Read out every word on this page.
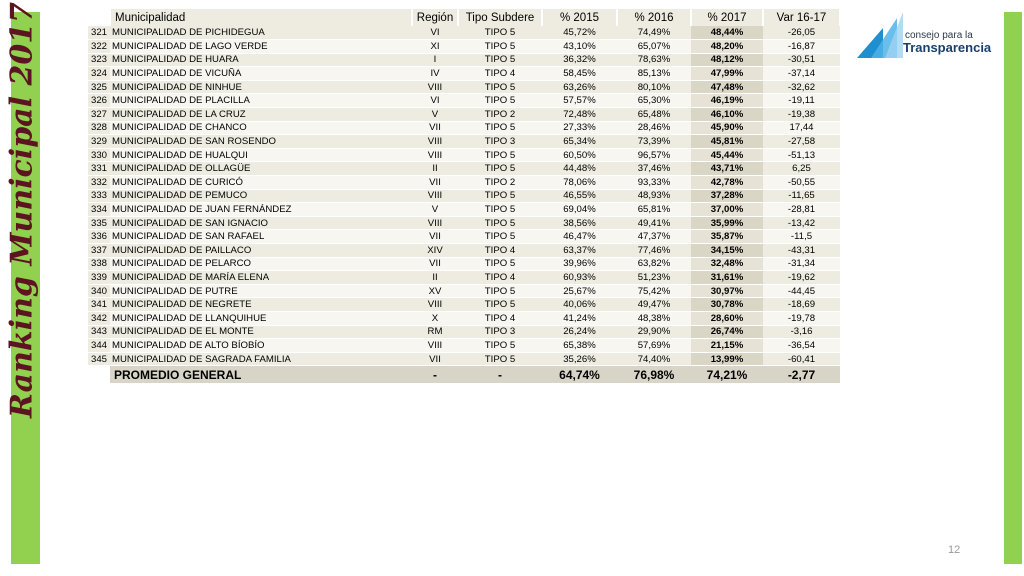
Ranking Municipal 2017
		Municipalidad	Región	Tipo Subdere	% 2015	% 2016	% 2017	Var 16-17
321	MUNICIPALIDAD DE PICHIDEGUA	VI	TIPO 5	45,72%	74,49%	48,44%	-26,05
322	MUNICIPALIDAD DE LAGO VERDE	XI	TIPO 5	43,10%	65,07%	48,20%	-16,87
323	MUNICIPALIDAD DE HUARA	I	TIPO 5	36,32%	78,63%	48,12%	-30,51
324	MUNICIPALIDAD DE VICUÑA	IV	TIPO 4	58,45%	85,13%	47,99%	-37,14
325	MUNICIPALIDAD DE NINHUE	VIII	TIPO 5	63,26%	80,10%	47,48%	-32,62
326	MUNICIPALIDAD DE PLACILLA	VI	TIPO 5	57,57%	65,30%	46,19%	-19,11
327	MUNICIPALIDAD DE LA CRUZ	V	TIPO 2	72,48%	65,48%	46,10%	-19,38
328	MUNICIPALIDAD DE CHANCO	VII	TIPO 5	27,33%	28,46%	45,90%	17,44
329	MUNICIPALIDAD DE SAN ROSENDO	VIII	TIPO 3	65,34%	73,39%	45,81%	-27,58
330	MUNICIPALIDAD DE HUALQUI	VIII	TIPO 5	60,50%	96,57%	45,44%	-51,13
331	MUNICIPALIDAD DE OLLAGÜE	II	TIPO 5	44,48%	37,46%	43,71%	6,25
332	MUNICIPALIDAD DE CURICÓ	VII	TIPO 2	78,06%	93,33%	42,78%	-50,55
333	MUNICIPALIDAD DE PEMUCO	VIII	TIPO 5	46,55%	48,93%	37,28%	-11,65
334	MUNICIPALIDAD DE JUAN FERNÁNDEZ	V	TIPO 5	69,04%	65,81%	37,00%	-28,81
335	MUNICIPALIDAD DE SAN IGNACIO	VIII	TIPO 5	38,56%	49,41%	35,99%	-13,42
336	MUNICIPALIDAD DE SAN RAFAEL	VII	TIPO 5	46,47%	47,37%	35,87%	-11,5
337	MUNICIPALIDAD DE PAILLACO	XIV	TIPO 4	63,37%	77,46%	34,15%	-43,31
338	MUNICIPALIDAD DE PELARCO	VII	TIPO 5	39,96%	63,82%	32,48%	-31,34
339	MUNICIPALIDAD DE MARÍA ELENA	II	TIPO 4	60,93%	51,23%	31,61%	-19,62
340	MUNICIPALIDAD DE PUTRE	XV	TIPO 5	25,67%	75,42%	30,97%	-44,45
341	MUNICIPALIDAD DE NEGRETE	VIII	TIPO 5	40,06%	49,47%	30,78%	-18,69
342	MUNICIPALIDAD DE LLANQUIHUE	X	TIPO 4	41,24%	48,38%	28,60%	-19,78
343	MUNICIPALIDAD DE EL MONTE	RM	TIPO 3	26,24%	29,90%	26,74%	-3,16
344	MUNICIPALIDAD DE ALTO BÍOBÍO	VIII	TIPO 5	65,38%	57,69%	21,15%	-36,54
345	MUNICIPALIDAD DE SAGRADA FAMILIA	VII	TIPO 5	35,26%	74,40%	13,99%	-60,41
	PROMEDIO GENERAL	-	-	64,74%	76,98%	74,21%	-2,77
consejo para la
Transparencia
12
